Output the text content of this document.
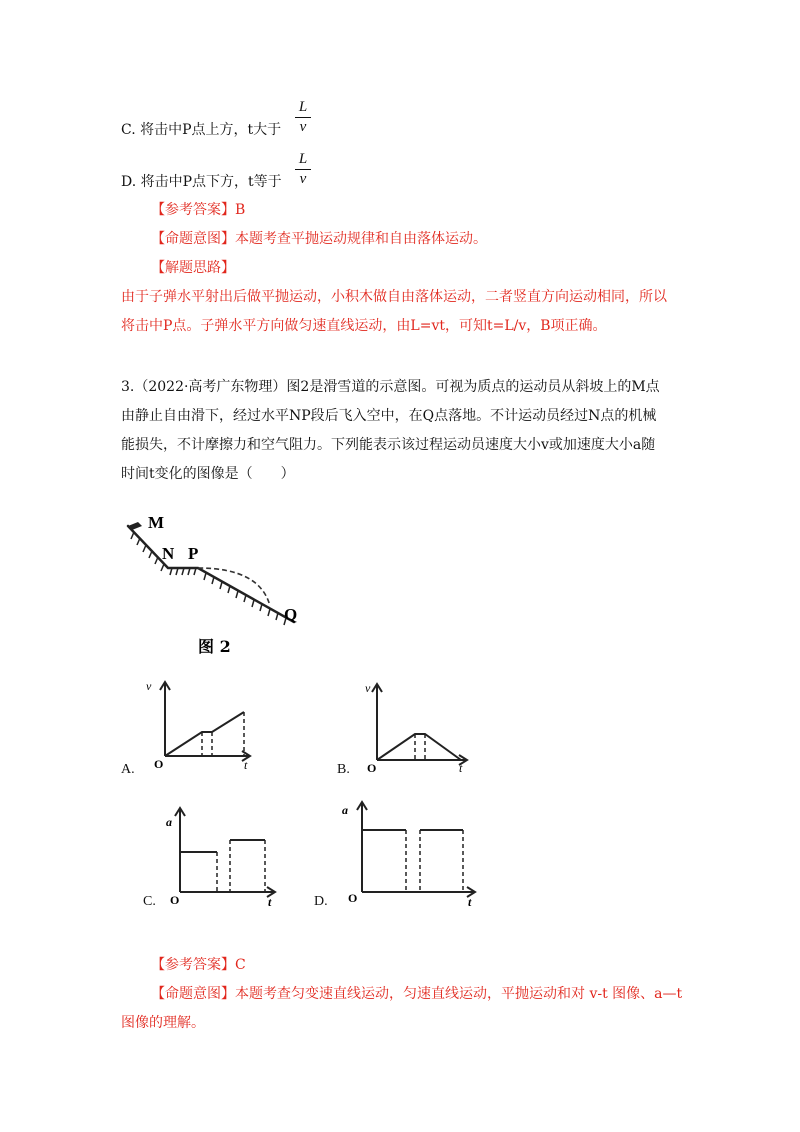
C. 将击中P点上方，t大于
L
v
D. 将击中P点下方，t等于
L
v
【参考答案】B
【命题意图】本题考查平抛运动规律和自由落体运动。
【解题思路】
由于子弹水平射出后做平抛运动，小积木做自由落体运动，二者竖直方向运动相同，所以
将击中P点。子弹水平方向做匀速直线运动，由L=vt，可知t=L/v，B项正确。
3.（2022·高考广东物理）图2是滑雪道的示意图。可视为质点的运动员从斜坡上的M点
由静止自由滑下，经过水平NP段后飞入空中，在Q点落地。不计运动员经过N点的机械
能损失，不计摩擦力和空气阻力。下列能表示该过程运动员速度大小v或加速度大小a随
时间t变化的图像是（　　）
M
N P
Q
图 2
v
O	t
A.
v
O	t
B.
a
O	t
C.
a
O	t
D.
【参考答案】C
【命题意图】本题考查匀变速直线运动，匀速直线运动，平抛运动和对 v-t 图像、a—t
图像的理解。
